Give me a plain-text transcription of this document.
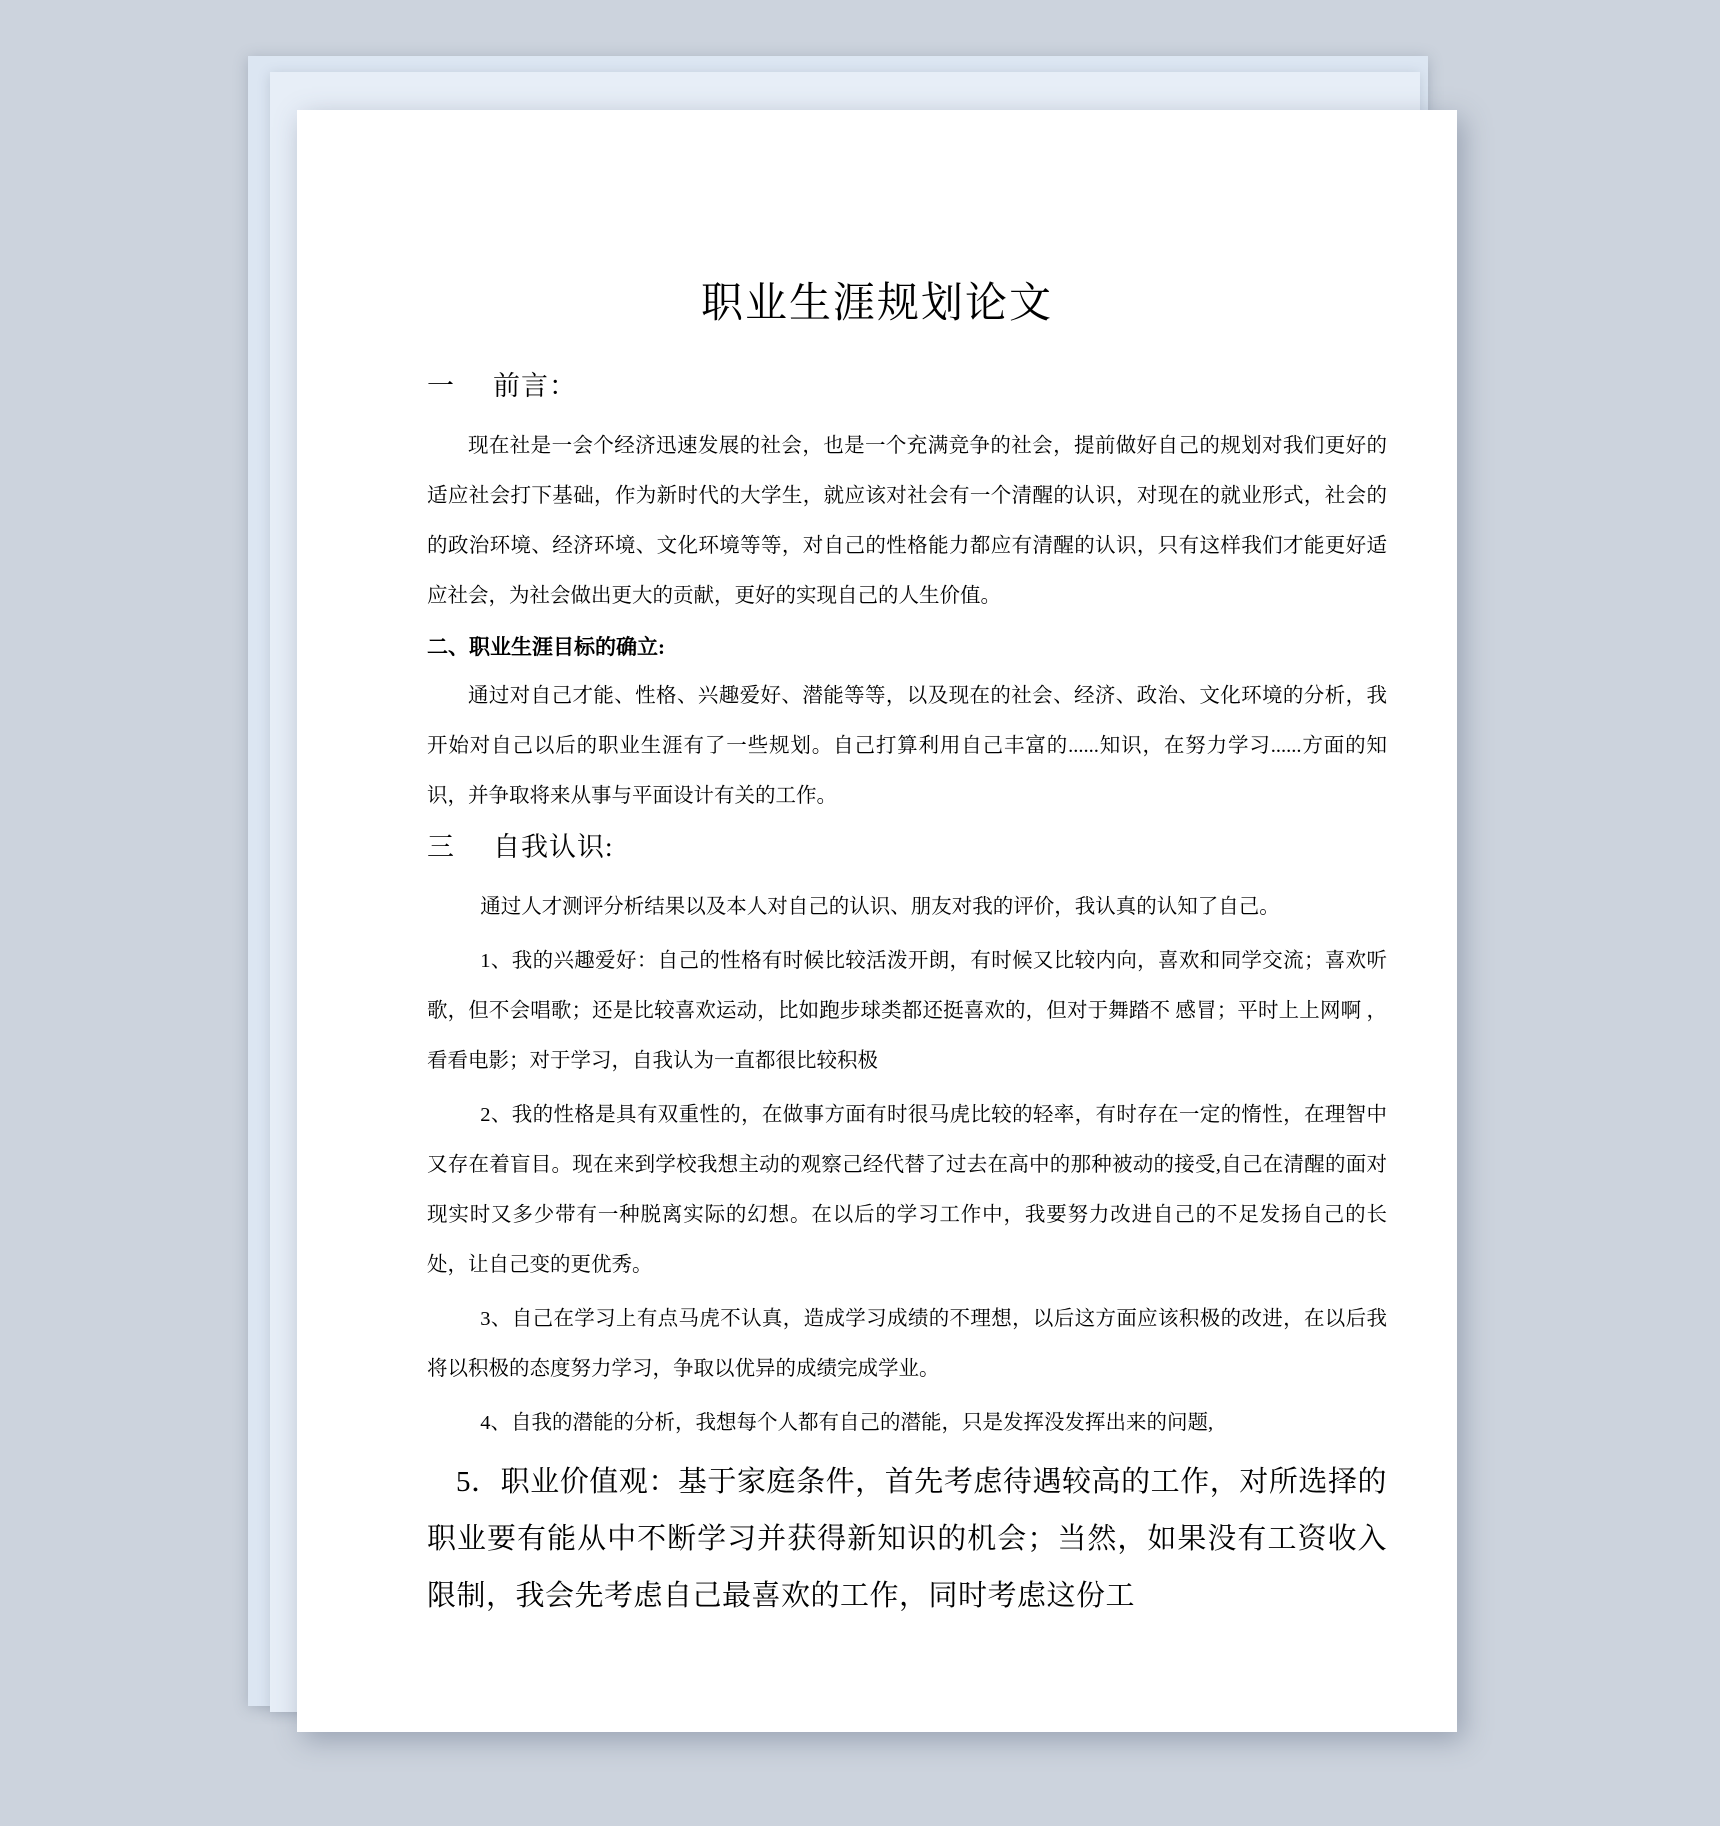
职业生涯规划论文
一 前言：

现在社是一会个经济迅速发展的社会，也是一个充满竞争的社会，提前做好自己的规划对我们更好的适应社会打下基础，作为新时代的大学生，就应该对社会有一个清醒的认识，对现在的就业形式，社会的的政治环境、经济环境、文化环境等等，对自己的性格能力都应有清醒的认识，只有这样我们才能更好适应社会，为社会做出更大的贡献，更好的实现自己的人生价值。

二、职业生涯目标的确立:

通过对自己才能、性格、兴趣爱好、潜能等等，以及现在的社会、经济、政治、文化环境的分析，我开始对自己以后的职业生涯有了一些规划。自己打算利用自己丰富的......知识，在努力学习......方面的知识，并争取将来从事与平面设计有关的工作。

三 自我认识:

通过人才测评分析结果以及本人对自己的认识、朋友对我的评价，我认真的认知了自己。

1、我的兴趣爱好：自己的性格有时候比较活泼开朗，有时候又比较内向，喜欢和同学交流；喜欢听歌，但不会唱歌；还是比较喜欢运动，比如跑步球类都还挺喜欢的，但对于舞踏不 感冒；平时上上网啊 ，看看电影；对于学习，自我认为一直都很比较积极

2、我的性格是具有双重性的，在做事方面有时很马虎比较的轻率，有时存在一定的惰性，在理智中又存在着盲目。现在来到学校我想主动的观察己经代替了过去在高中的那种被动的接受,自己在清醒的面对现实时又多少带有一种脱离实际的幻想。在以后的学习工作中，我要努力改进自己的不足发扬自己的长处，让自己变的更优秀。

3、自己在学习上有点马虎不认真，造成学习成绩的不理想，以后这方面应该积极的改进，在以后我将以积极的态度努力学习，争取以优异的成绩完成学业。

4、自我的潜能的分析，我想每个人都有自己的潜能，只是发挥没发挥出来的问题,

5．职业价值观：基于家庭条件，首先考虑待遇较高的工作，对所选择的职业要有能从中不断学习并获得新知识的机会；当然，如果没有工资收入限制，我会先考虑自己最喜欢的工作，同时考虑这份工
